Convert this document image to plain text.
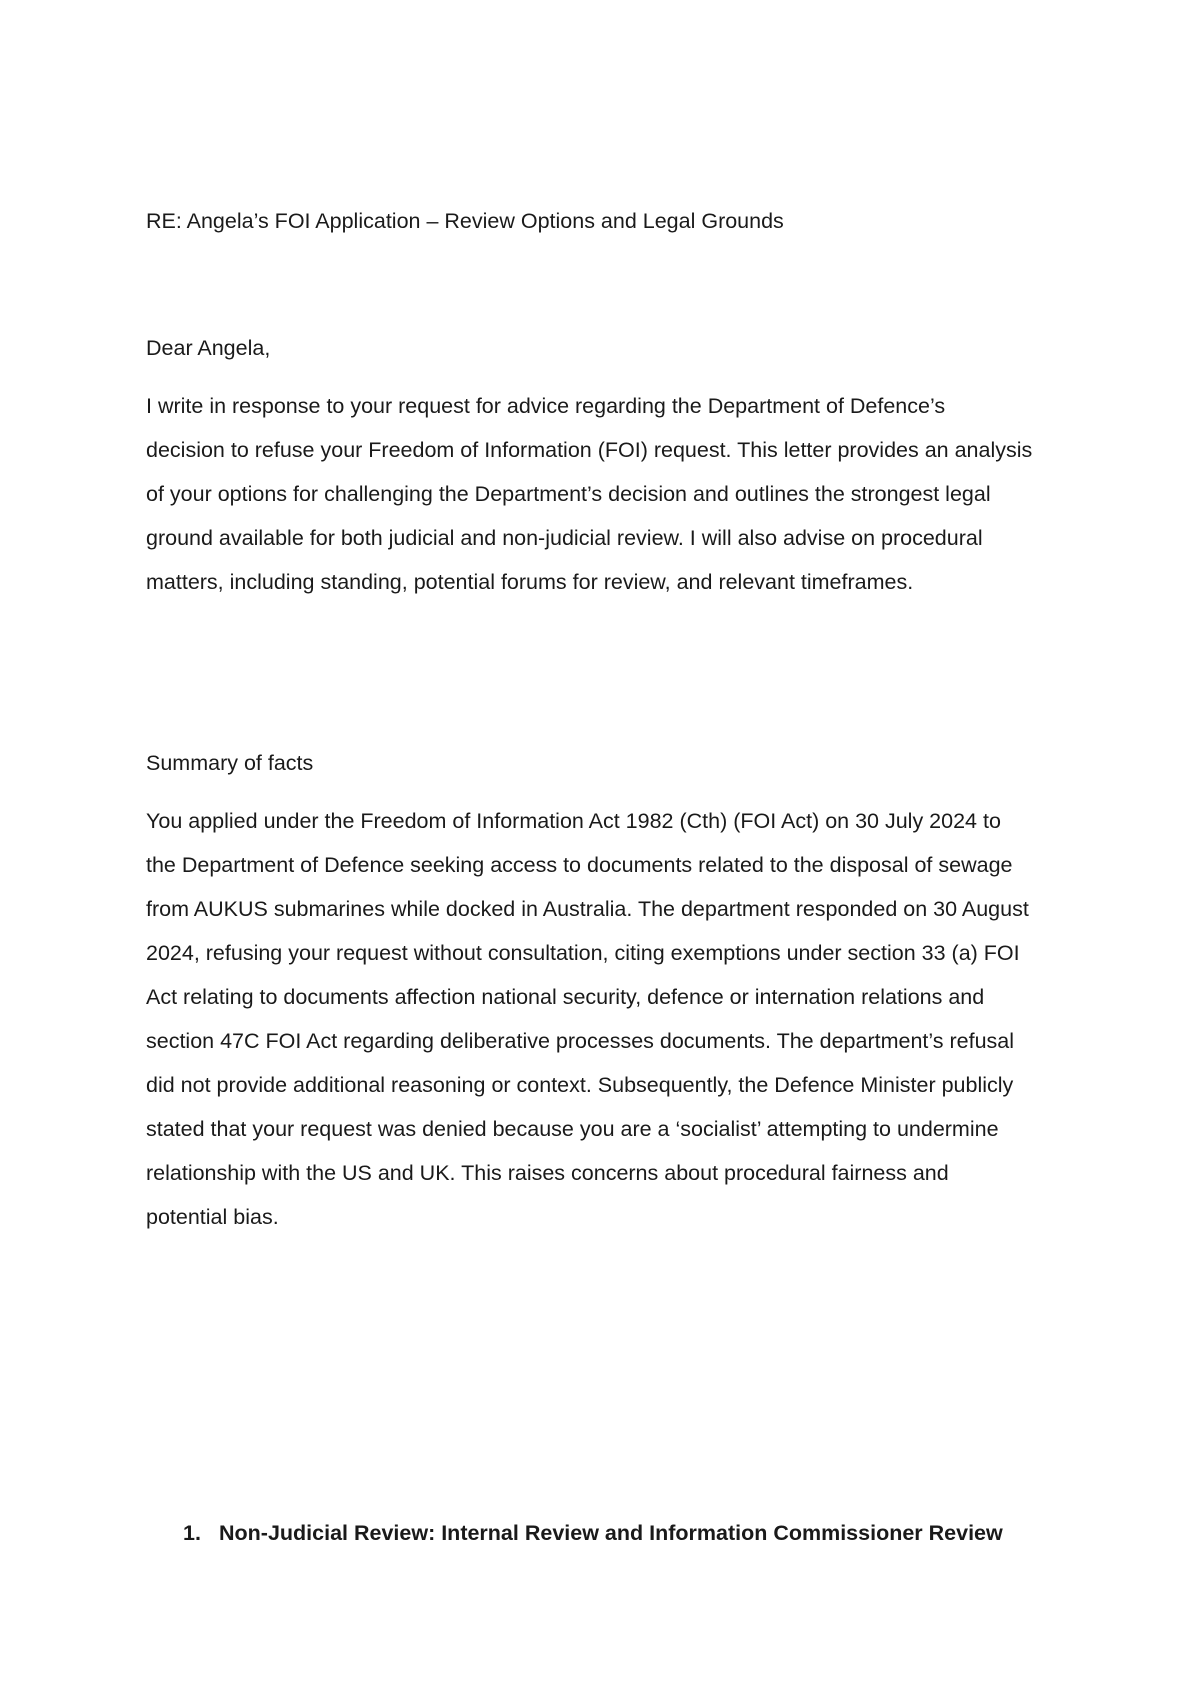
RE: Angela’s FOI Application – Review Options and Legal Grounds

Dear Angela,

I write in response to your request for advice regarding the Department of Defence’s

decision to refuse your Freedom of Information (FOI) request. This letter provides an analysis

of your options for challenging the Department’s decision and outlines the strongest legal

ground available for both judicial and non-judicial review. I will also advise on procedural

matters, including standing, potential forums for review, and relevant timeframes.

Summary of facts

You applied under the Freedom of Information Act 1982 (Cth) (FOI Act) on 30 July 2024 to

the Department of Defence seeking access to documents related to the disposal of sewage

from AUKUS submarines while docked in Australia. The department responded on 30 August

2024, refusing your request without consultation, citing exemptions under section 33 (a) FOI

Act relating to documents affection national security, defence or internation relations and

section 47C FOI Act regarding deliberative processes documents. The department’s refusal

did not provide additional reasoning or context. Subsequently, the Defence Minister publicly

stated that your request was denied because you are a ‘socialist’ attempting to undermine

relationship with the US and UK. This raises concerns about procedural fairness and

potential bias.

1. Non-Judicial Review: Internal Review and Information Commissioner Review
